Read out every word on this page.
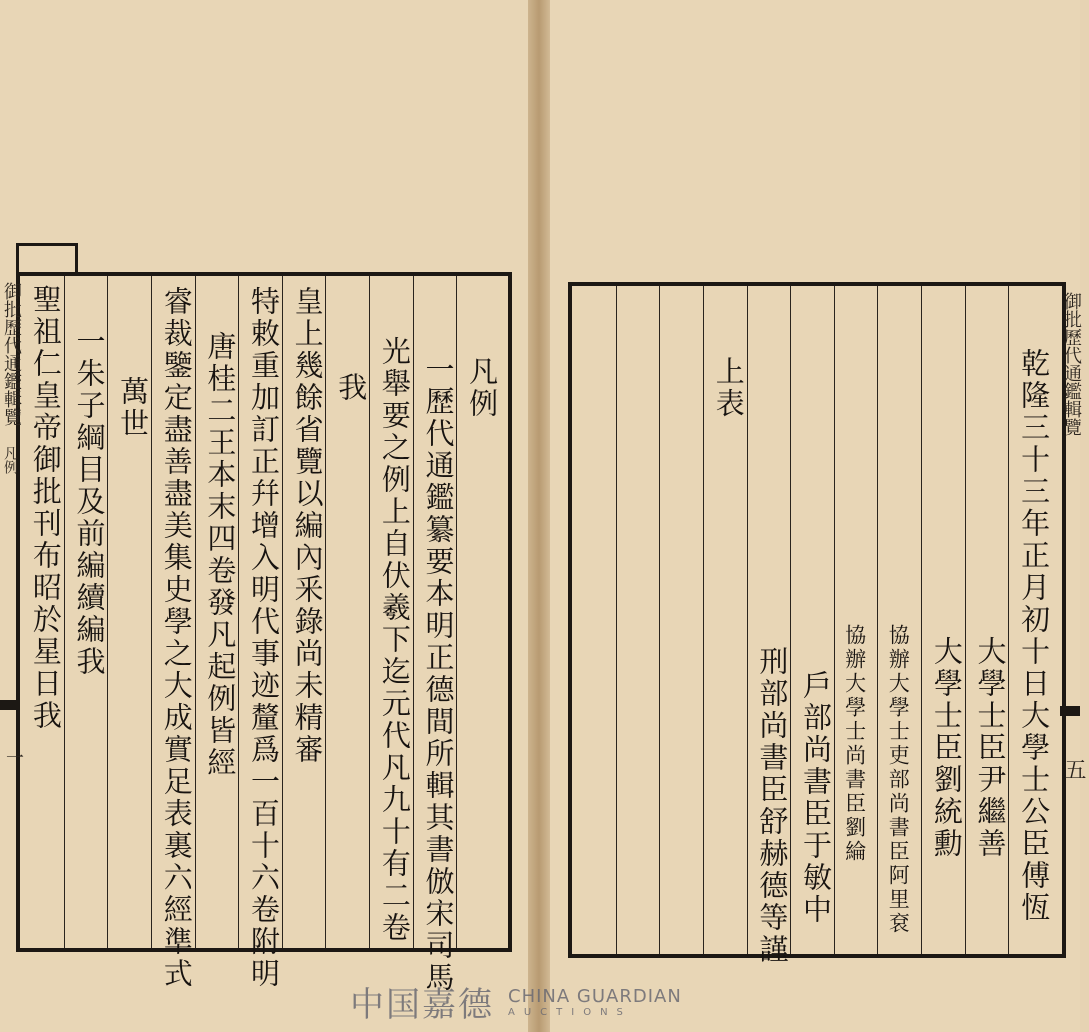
凡例
一歷代通鑑纂要本明正德間所輯其書倣宋司馬
光舉要之例上自伏羲下迄元代凡九十有二卷
我
皇上幾餘省覽以編內釆錄尚未精審
特敕重加訂正幷增入明代事迹釐爲一百十六卷附明
唐桂二王本末四卷發凡起例皆經
睿裁鑒定盡善盡美集史學之大成實足表裏六經準式
萬世
一朱子綱目及前編續編我
聖祖仁皇帝御批刊布昭於星日我
御批歷代通鑑輯覽
凡例
一	乾隆三十三年正月初十日大學士公臣傅恆
大學士臣尹繼善
大學士臣劉統勳
協辦大學士吏部尚書臣阿里袞
協辦大學士尚書臣劉綸
戶部尚書臣于敏中
刑部尚書臣舒赫德等謹
上表	御批歷代通鑑輯覽
五
中国嘉德 CHINA GUARDIAN
AUCTIONS
